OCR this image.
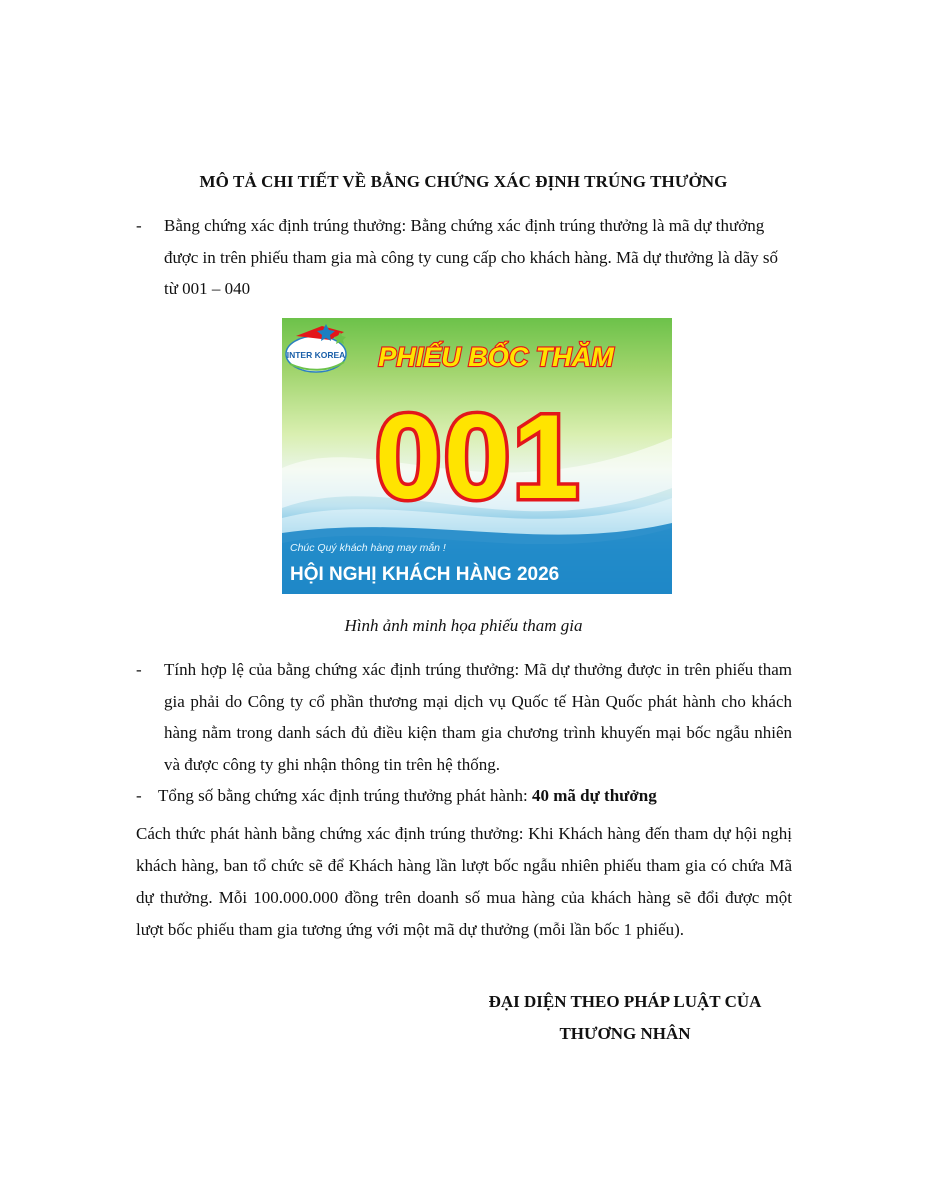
MÔ TẢ CHI TIẾT VỀ BẰNG CHỨNG XÁC ĐỊNH TRÚNG THƯỞNG
- Bằng chứng xác định trúng thưởng: Bằng chứng xác định trúng thưởng là mã dự thưởng được in trên phiếu tham gia mà công ty cung cấp cho khách hàng. Mã dự thưởng là dãy số từ 001 – 040
INTER KOREA PHIẾU BỐC THĂM
001
Chúc Quý khách hàng may mắn !
HỘI NGHỊ KHÁCH HÀNG 2026
Hình ảnh minh họa phiếu tham gia
- Tính hợp lệ của bằng chứng xác định trúng thưởng: Mã dự thưởng được in trên phiếu tham gia phải do Công ty cổ phần thương mại dịch vụ Quốc tế Hàn Quốc phát hành cho khách hàng nằm trong danh sách đủ điều kiện tham gia chương trình khuyến mại bốc ngẫu nhiên và được công ty ghi nhận thông tin trên hệ thống.
- Tổng số bằng chứng xác định trúng thưởng phát hành: 40 mã dự thưởng
Cách thức phát hành bằng chứng xác định trúng thưởng: Khi Khách hàng đến tham dự hội nghị khách hàng, ban tổ chức sẽ để Khách hàng lần lượt bốc ngẫu nhiên phiếu tham gia có chứa Mã dự thưởng. Mỗi 100.000.000 đồng trên doanh số mua hàng của khách hàng sẽ đổi được một lượt bốc phiếu tham gia tương ứng với một mã dự thưởng (mỗi lần bốc 1 phiếu).
ĐẠI DIỆN THEO PHÁP LUẬT CỦA
THƯƠNG NHÂN
